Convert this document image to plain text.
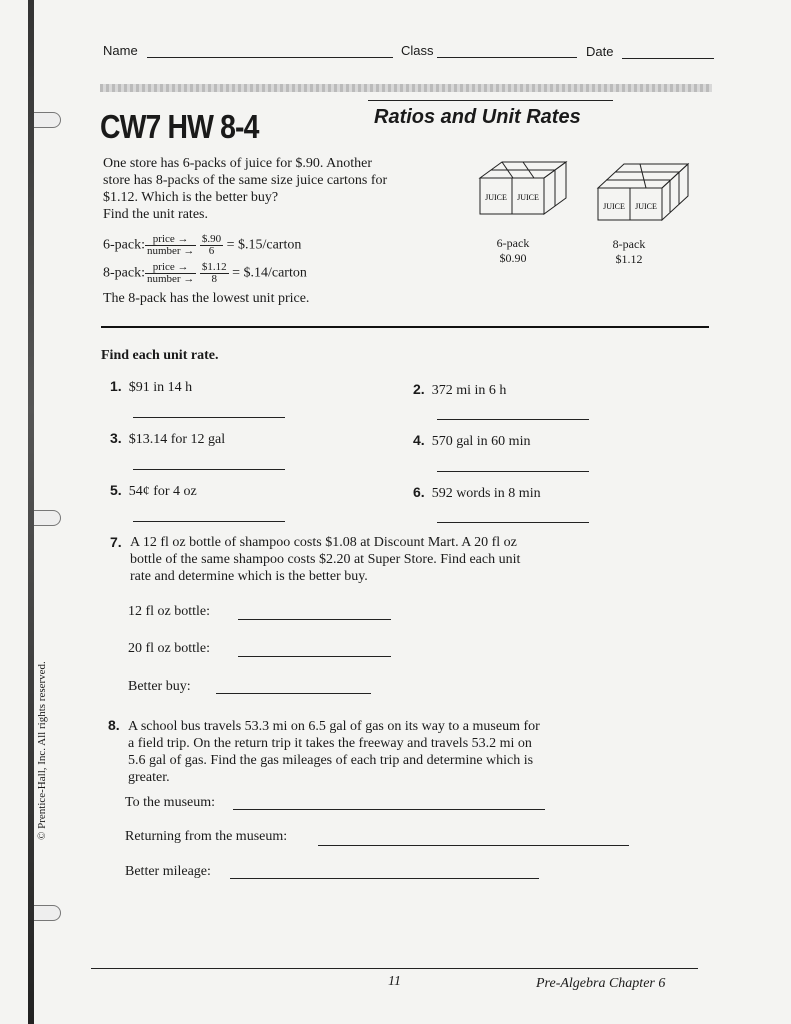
Name	Class	Date
CW7 HW 8-4	Ratios and Unit Rates
One store has 6-packs of juice for $.90. Another
store has 8-packs of the same size juice cartons for
$1.12. Which is the better buy?
Find the unit rates.
6-pack: $\frac{\text{price →}}{\text{number →}}$
$\frac{\$.90}{6}$ = $.15/carton
8-pack: $\frac{\text{price →}}{\text{number →}}$
$\frac{\$1.12}{8}$ = $.14/carton
The 8-pack has the lowest unit price.
JUICE JUICE
6-pack
$0.90
JUICE JUICE
8-pack
$1.12
Find each unit rate.
1. $91 in 14 h	2. 372 mi in 6 h
3. $13.14 for 12 gal	4. 570 gal in 60 min
5. 54¢ for 4 oz	6. 592 words in 8 min
7. A 12 fl oz bottle of shampoo costs $1.08 at Discount Mart. A 20 fl oz
bottle of the same shampoo costs $2.20 at Super Store. Find each unit
rate and determine which is the better buy.
12 fl oz bottle:
20 fl oz bottle:
Better buy:
8. A school bus travels 53.3 mi on 6.5 gal of gas on its way to a museum for
a field trip. On the return trip it takes the freeway and travels 53.2 mi on
5.6 gal of gas. Find the gas mileages of each trip and determine which is
greater.
To the museum:
Returning from the museum:
Better mileage:
© Prentice-Hall, Inc. All rights reserved.
11	Pre-Algebra Chapter 6
